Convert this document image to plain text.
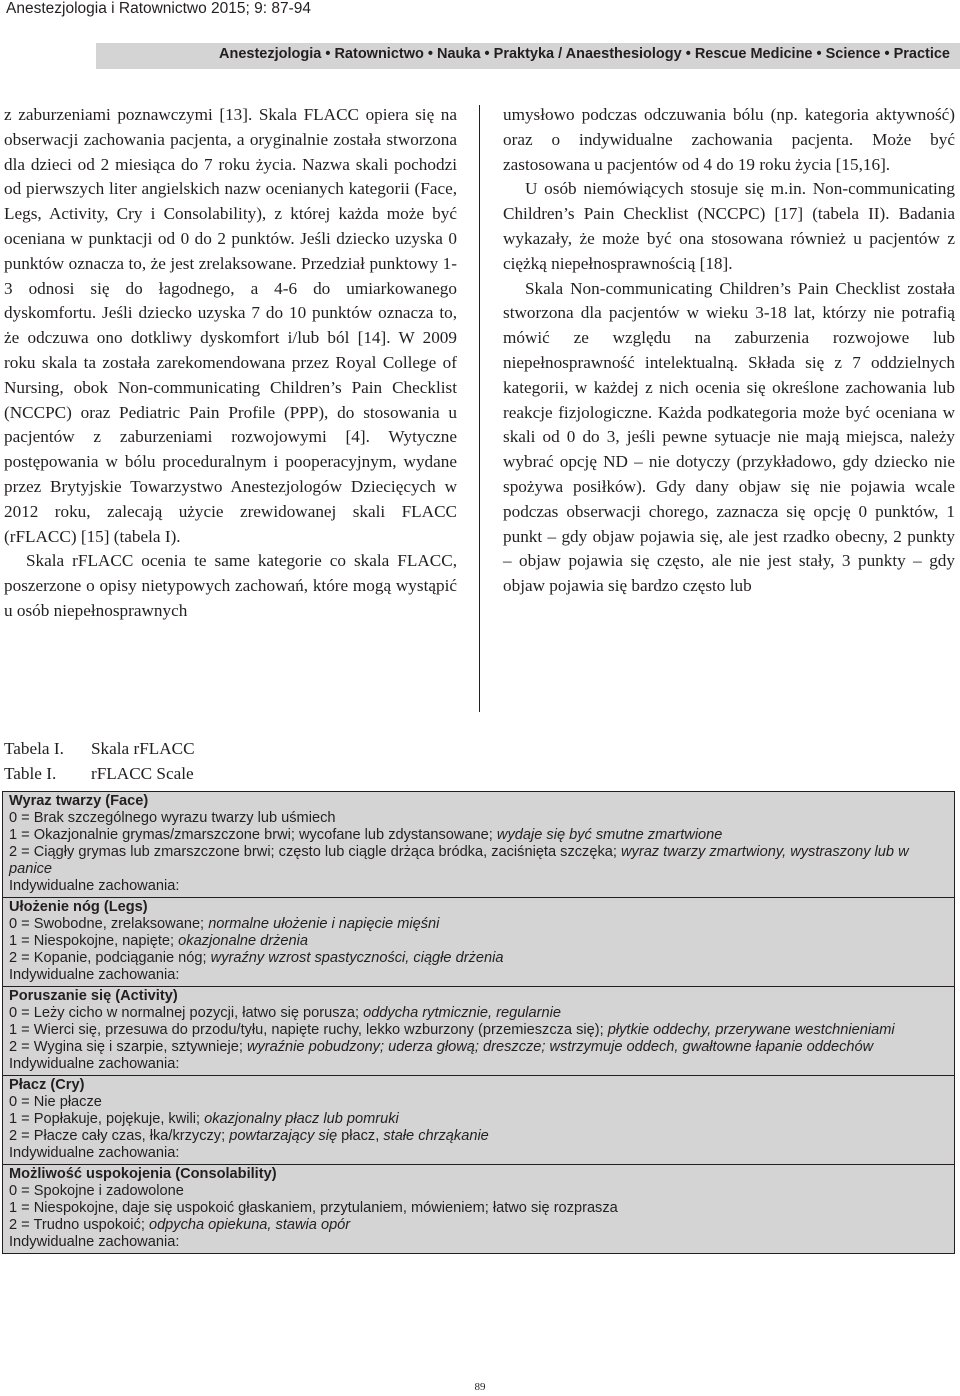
Anestezjologia i Ratownictwo 2015; 9: 87-94

Anestezjologia • Ratownictwo • Nauka • Praktyka / Anaesthesiology • Rescue Medicine • Science • Practice

z zaburzeniami poznawczymi [13]. Skala FLACC opiera się na obserwacji zachowania pacjenta, a oryginalnie została stworzona dla dzieci od 2 miesiąca do 7 roku życia. Nazwa skali pochodzi od pierwszych liter angielskich nazw ocenianych kategorii (Face, Legs, Activity, Cry i Consolability), z której każda może być oceniana w punktacji od 0 do 2 punktów. Jeśli dziecko uzyska 0 punktów oznacza to, że jest zrelaksowane. Przedział punktowy 1-3 odnosi się do łagodnego, a 4-6 do umiarkowanego dyskomfortu. Jeśli dziecko uzyska 7 do 10 punktów oznacza to, że odczuwa ono dotkliwy dyskomfort i/lub ból [14]. W 2009 roku skala ta została zarekomendowana przez Royal College of Nursing, obok Non-communicating Children’s Pain Checklist (NCCPC) oraz Pediatric Pain Profile (PPP), do stosowania u pacjentów z zaburzeniami rozwojowymi [4]. Wytyczne postępowania w bólu proceduralnym i pooperacyjnym, wydane przez Brytyjskie Towarzystwo Anestezjologów Dziecięcych w 2012 roku, zalecają użycie zrewidowanej skali FLACC (rFLACC) [15] (tabela I).

Skala rFLACC ocenia te same kategorie co skala FLACC, poszerzone o opisy nietypowych zachowań, które mogą wystąpić u osób niepełnosprawnych

umysłowo podczas odczuwania bólu (np. kategoria aktywność) oraz o indywidualne zachowania pacjenta. Może być zastosowana u pacjentów od 4 do 19 roku życia [15,16].

U osób niemówiących stosuje się m.in. Non-communicating Children’s Pain Checklist (NCCPC) [17] (tabela II). Badania wykazały, że może być ona stosowana również u pacjentów z ciężką niepełnosprawnością [18].

Skala Non-communicating Children’s Pain Checklist została stworzona dla pacjentów w wieku 3-18 lat, którzy nie potrafią mówić ze względu na zaburzenia rozwojowe lub niepełnosprawność intelektualną. Składa się z 7 oddzielnych kategorii, w każdej z nich ocenia się określone zachowania lub reakcje fizjologiczne. Każda podkategoria może być oceniana w skali od 0 do 3, jeśli pewne sytuacje nie mają miejsca, należy wybrać opcję ND – nie dotyczy (przykładowo, gdy dziecko nie spożywa posiłków). Gdy dany objaw się nie pojawia wcale podczas obserwacji chorego, zaznacza się opcję 0 punktów, 1 punkt – gdy objaw pojawia się, ale jest rzadko obecny, 2 punkty – objaw pojawia się często, ale nie jest stały, 3 punkty – gdy objaw pojawia się bardzo często lub

Tabela I. Skala rFLACC
Table I. rFLACC Scale

Wyraz twarzy (Face)

0 = Brak szczególnego wyrazu twarzy lub uśmiech

1 = Okazjonalnie grymas/zmarszczone brwi; wycofane lub zdystansowane; wydaje się być smutne zmartwione

2 = Ciągły grymas lub zmarszczone brwi; często lub ciągle drżąca bródka, zaciśnięta szczęka; wyraz twarzy zmartwiony, wystraszony lub w panice

Indywidualne zachowania:

Ułożenie nóg (Legs)

0 = Swobodne, zrelaksowane; normalne ułożenie i napięcie mięśni

1 = Niespokojne, napięte; okazjonalne drżenia

2 = Kopanie, podciąganie nóg; wyraźny wzrost spastyczności, ciągłe drżenia

Indywidualne zachowania:

Poruszanie się (Activity)

0 = Leży cicho w normalnej pozycji, łatwo się porusza; oddycha rytmicznie, regularnie

1 = Wierci się, przesuwa do przodu/tyłu, napięte ruchy, lekko wzburzony (przemieszcza się); płytkie oddechy, przerywane westchnieniami

2 = Wygina się i szarpie, sztywnieje; wyraźnie pobudzony; uderza głową; dreszcze; wstrzymuje oddech, gwałtowne łapanie oddechów

Indywidualne zachowania:

Płacz (Cry)

0 = Nie płacze

1 = Popłakuje, pojękuje, kwili; okazjonalny płacz lub pomruki

2 = Płacze cały czas, łka/krzyczy; powtarzający się płacz, stałe chrząkanie

Indywidualne zachowania:

Możliwość uspokojenia (Consolability)

0 = Spokojne i zadowolone

1 = Niespokojne, daje się uspokoić głaskaniem, przytulaniem, mówieniem; łatwo się rozprasza

2 = Trudno uspokoić; odpycha opiekuna, stawia opór

Indywidualne zachowania:

89
